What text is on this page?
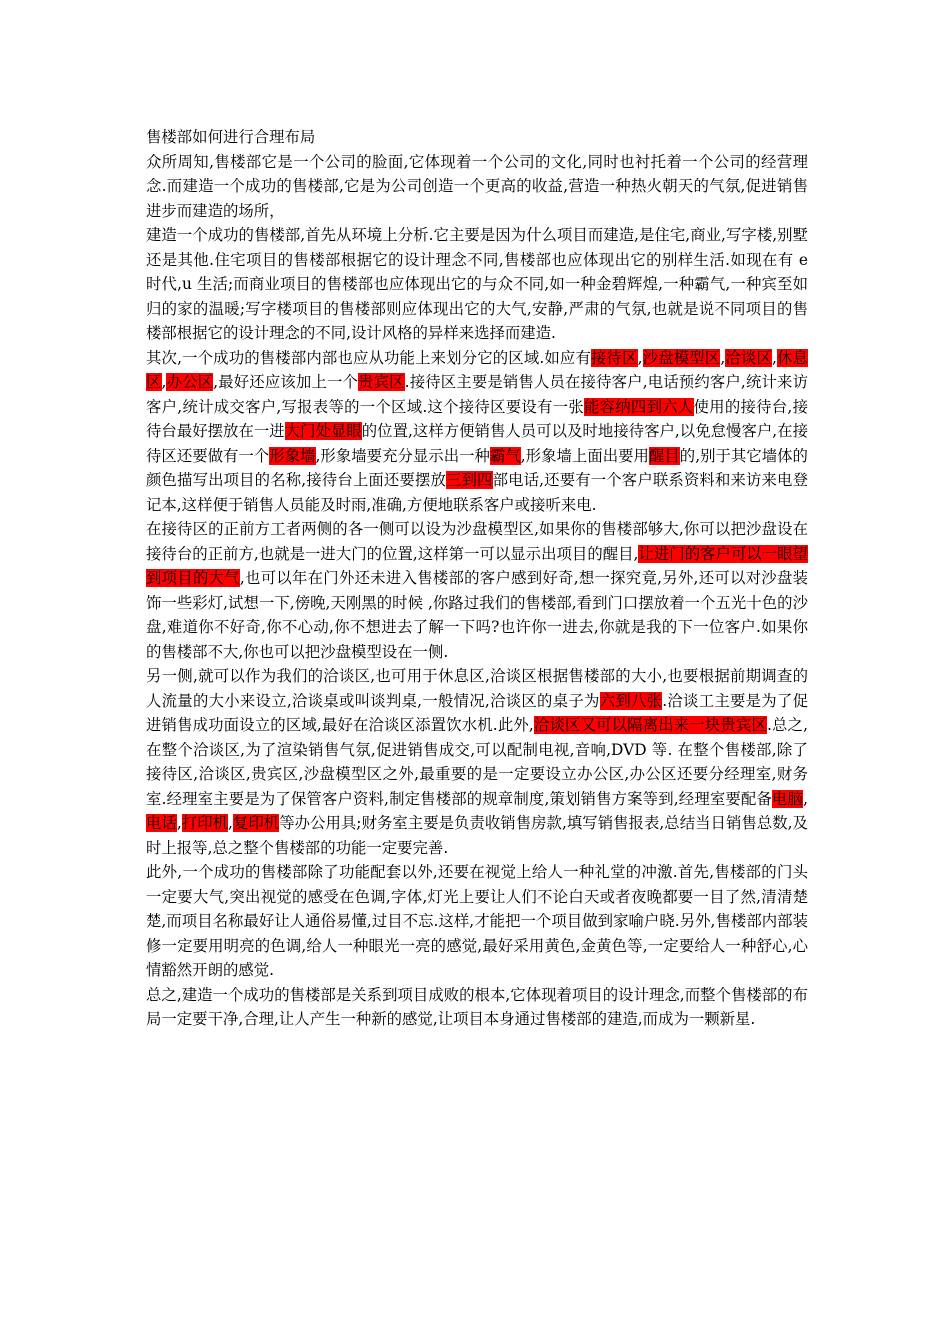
售楼部如何进行合理布局

众所周知,售楼部它是一个公司的脸面,它体现着一个公司的文化,同时也衬托着一个公司的经营理念.而建造一个成功的售楼部,它是为公司创造一个更高的收益,营造一种热火朝天的气氛,促进销售进步而建造的场所，

建造一个成功的售楼部,首先从环境上分析.它主要是因为什么项目而建造,是住宅,商业,写字楼,别墅还是其他.住宅项目的售楼部根据它的设计理念不同,售楼部也应体现出它的别样生活.如现在有 e 时代,u 生活;而商业项目的售楼部也应体现出它的与众不同,如一种金碧辉煌,一种霸气,一种宾至如归的家的温暖;写字楼项目的售楼部则应体现出它的大气,安静,严肃的气氛,也就是说不同项目的售楼部根据它的设计理念的不同,设计风格的异样来选择而建造.

其次,一个成功的售楼部内部也应从功能上来划分它的区域.如应有接待区,沙盘模型区,洽谈区,休息区,办公区,最好还应该加上一个贵宾区.接待区主要是销售人员在接待客户,电话预约客户,统计来访客户,统计成交客户,写报表等的一个区域.这个接待区要设有一张能容纳四到六人使用的接待台,接待台最好摆放在一进大门处显眼的位置,这样方便销售人员可以及时地接待客户,以免怠慢客户,在接待区还要做有一个形象墙,形象墙要充分显示出一种霸气,形象墙上面出要用醒目的,别于其它墙体的颜色描写出项目的名称,接待台上面还要摆放三到四部电话,还要有一个客户联系资料和来访来电登记本,这样便于销售人员能及时雨,准确,方便地联系客户或接听来电.

在接待区的正前方工者两侧的各一侧可以设为沙盘模型区,如果你的售楼部够大,你可以把沙盘设在接待台的正前方,也就是一进大门的位置,这样第一可以显示出项目的醒目,让进门的客户可以一眼望到项目的大气,也可以年在门外还未进入售楼部的客户感到好奇,想一探究竟,另外,还可以对沙盘装饰一些彩灯,试想一下,傍晚,天刚黑的时候 ,你路过我们的售楼部,看到门口摆放着一个五光十色的沙盘,难道你不好奇,你不心动,你不想进去了解一下吗?也许你一进去,你就是我的下一位客户.如果你的售楼部不大,你也可以把沙盘模型设在一侧.

另一侧,就可以作为我们的洽谈区,也可用于休息区,洽谈区根据售楼部的大小,也要根据前期调查的人流量的大小来设立,洽谈桌或叫谈判桌,一般情况,洽谈区的桌子为六到八张.洽谈工主要是为了促进销售成功面设立的区域,最好在洽谈区添置饮水机.此外,洽谈区又可以隔离出来一块贵宾区.总之,在整个洽谈区,为了渲染销售气氛,促进销售成交,可以配制电视,音响,DVD 等. 在整个售楼部,除了接待区,洽谈区,贵宾区,沙盘模型区之外,最重要的是一定要设立办公区,办公区还要分经理室,财务室.经理室主要是为了保管客户资料,制定售楼部的规章制度,策划销售方案等到,经理室要配备电脑,电话,打印机,复印机等办公用具;财务室主要是负责收销售房款,填写销售报表,总结当日销售总数,及时上报等,总之整个售楼部的功能一定要完善.

此外,一个成功的售楼部除了功能配套以外,还要在视觉上给人一种礼堂的冲激.首先,售楼部的门头一定要大气,突出视觉的感受在色调,字体,灯光上要让人们不论白天或者夜晚都要一目了然,清清楚楚,而项目名称最好让人通俗易懂,过目不忘.这样,才能把一个项目做到家喻户晓.另外,售楼部内部装修一定要用明亮的色调,给人一种眼光一亮的感觉,最好采用黄色,金黄色等,一定要给人一种舒心,心情豁然开朗的感觉.

总之,建造一个成功的售楼部是关系到项目成败的根本,它体现着项目的设计理念,而整个售楼部的布局一定要干净,合理,让人产生一种新的感觉,让项目本身通过售楼部的建造,而成为一颗新星.
